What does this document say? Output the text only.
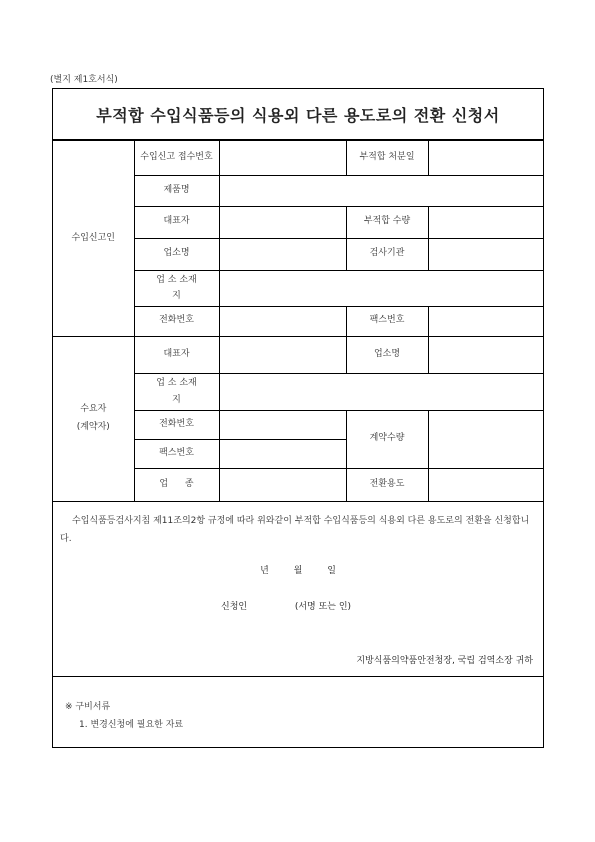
(별지 제1호서식)
부적합 수입식품등의 식용외 다른 용도로의 전환 신청서
수입신고인	수입신고 접수번호		부적합 처분일	
	제품명			
	대표자		부적합 수량	
	업소명		검사기관	
	업 소 소재지			
	전화번호		팩스번호	
수요자
(계약자)	대표자		업소명	
	업 소 소재지			
	전화번호		계약수량	
	팩스번호			
	업 종		전환용도	
수입식품등검사지침 제11조의2항 규정에 따라 위와같이 부적합 수입식품등의 식용외 다른 용도로의 전환을 신청합니다.
년	월	일
신청인	(서명 또는 인)
지방식품의약품안전청장, 국립 검역소장 귀하
※ 구비서류
1. 변경신청에 필요한 자료
